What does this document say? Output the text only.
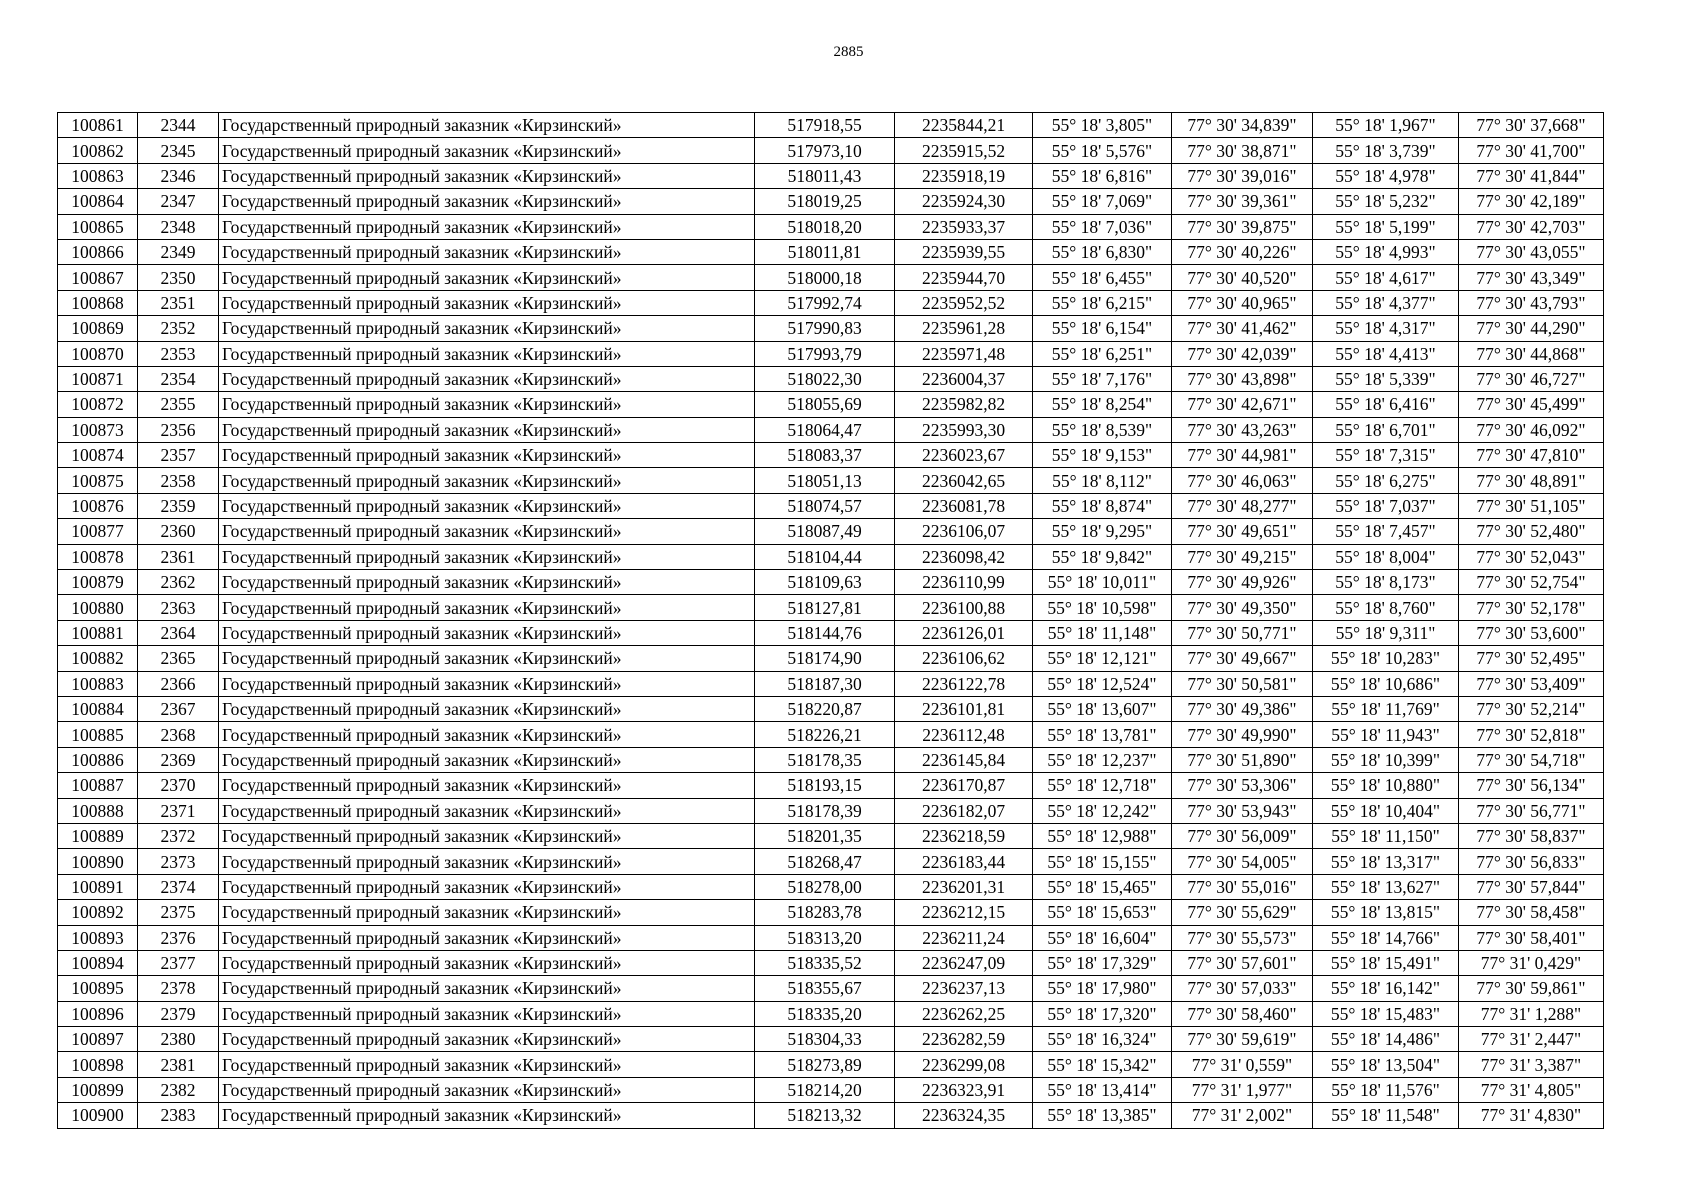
2885
100861	2344	Государственный природный заказник «Кирзинский»	517918,55	2235844,21	55° 18' 3,805"	77° 30' 34,839"	55° 18' 1,967"	77° 30' 37,668"
100862	2345	Государственный природный заказник «Кирзинский»	517973,10	2235915,52	55° 18' 5,576"	77° 30' 38,871"	55° 18' 3,739"	77° 30' 41,700"
100863	2346	Государственный природный заказник «Кирзинский»	518011,43	2235918,19	55° 18' 6,816"	77° 30' 39,016"	55° 18' 4,978"	77° 30' 41,844"
100864	2347	Государственный природный заказник «Кирзинский»	518019,25	2235924,30	55° 18' 7,069"	77° 30' 39,361"	55° 18' 5,232"	77° 30' 42,189"
100865	2348	Государственный природный заказник «Кирзинский»	518018,20	2235933,37	55° 18' 7,036"	77° 30' 39,875"	55° 18' 5,199"	77° 30' 42,703"
100866	2349	Государственный природный заказник «Кирзинский»	518011,81	2235939,55	55° 18' 6,830"	77° 30' 40,226"	55° 18' 4,993"	77° 30' 43,055"
100867	2350	Государственный природный заказник «Кирзинский»	518000,18	2235944,70	55° 18' 6,455"	77° 30' 40,520"	55° 18' 4,617"	77° 30' 43,349"
100868	2351	Государственный природный заказник «Кирзинский»	517992,74	2235952,52	55° 18' 6,215"	77° 30' 40,965"	55° 18' 4,377"	77° 30' 43,793"
100869	2352	Государственный природный заказник «Кирзинский»	517990,83	2235961,28	55° 18' 6,154"	77° 30' 41,462"	55° 18' 4,317"	77° 30' 44,290"
100870	2353	Государственный природный заказник «Кирзинский»	517993,79	2235971,48	55° 18' 6,251"	77° 30' 42,039"	55° 18' 4,413"	77° 30' 44,868"
100871	2354	Государственный природный заказник «Кирзинский»	518022,30	2236004,37	55° 18' 7,176"	77° 30' 43,898"	55° 18' 5,339"	77° 30' 46,727"
100872	2355	Государственный природный заказник «Кирзинский»	518055,69	2235982,82	55° 18' 8,254"	77° 30' 42,671"	55° 18' 6,416"	77° 30' 45,499"
100873	2356	Государственный природный заказник «Кирзинский»	518064,47	2235993,30	55° 18' 8,539"	77° 30' 43,263"	55° 18' 6,701"	77° 30' 46,092"
100874	2357	Государственный природный заказник «Кирзинский»	518083,37	2236023,67	55° 18' 9,153"	77° 30' 44,981"	55° 18' 7,315"	77° 30' 47,810"
100875	2358	Государственный природный заказник «Кирзинский»	518051,13	2236042,65	55° 18' 8,112"	77° 30' 46,063"	55° 18' 6,275"	77° 30' 48,891"
100876	2359	Государственный природный заказник «Кирзинский»	518074,57	2236081,78	55° 18' 8,874"	77° 30' 48,277"	55° 18' 7,037"	77° 30' 51,105"
100877	2360	Государственный природный заказник «Кирзинский»	518087,49	2236106,07	55° 18' 9,295"	77° 30' 49,651"	55° 18' 7,457"	77° 30' 52,480"
100878	2361	Государственный природный заказник «Кирзинский»	518104,44	2236098,42	55° 18' 9,842"	77° 30' 49,215"	55° 18' 8,004"	77° 30' 52,043"
100879	2362	Государственный природный заказник «Кирзинский»	518109,63	2236110,99	55° 18' 10,011"	77° 30' 49,926"	55° 18' 8,173"	77° 30' 52,754"
100880	2363	Государственный природный заказник «Кирзинский»	518127,81	2236100,88	55° 18' 10,598"	77° 30' 49,350"	55° 18' 8,760"	77° 30' 52,178"
100881	2364	Государственный природный заказник «Кирзинский»	518144,76	2236126,01	55° 18' 11,148"	77° 30' 50,771"	55° 18' 9,311"	77° 30' 53,600"
100882	2365	Государственный природный заказник «Кирзинский»	518174,90	2236106,62	55° 18' 12,121"	77° 30' 49,667"	55° 18' 10,283"	77° 30' 52,495"
100883	2366	Государственный природный заказник «Кирзинский»	518187,30	2236122,78	55° 18' 12,524"	77° 30' 50,581"	55° 18' 10,686"	77° 30' 53,409"
100884	2367	Государственный природный заказник «Кирзинский»	518220,87	2236101,81	55° 18' 13,607"	77° 30' 49,386"	55° 18' 11,769"	77° 30' 52,214"
100885	2368	Государственный природный заказник «Кирзинский»	518226,21	2236112,48	55° 18' 13,781"	77° 30' 49,990"	55° 18' 11,943"	77° 30' 52,818"
100886	2369	Государственный природный заказник «Кирзинский»	518178,35	2236145,84	55° 18' 12,237"	77° 30' 51,890"	55° 18' 10,399"	77° 30' 54,718"
100887	2370	Государственный природный заказник «Кирзинский»	518193,15	2236170,87	55° 18' 12,718"	77° 30' 53,306"	55° 18' 10,880"	77° 30' 56,134"
100888	2371	Государственный природный заказник «Кирзинский»	518178,39	2236182,07	55° 18' 12,242"	77° 30' 53,943"	55° 18' 10,404"	77° 30' 56,771"
100889	2372	Государственный природный заказник «Кирзинский»	518201,35	2236218,59	55° 18' 12,988"	77° 30' 56,009"	55° 18' 11,150"	77° 30' 58,837"
100890	2373	Государственный природный заказник «Кирзинский»	518268,47	2236183,44	55° 18' 15,155"	77° 30' 54,005"	55° 18' 13,317"	77° 30' 56,833"
100891	2374	Государственный природный заказник «Кирзинский»	518278,00	2236201,31	55° 18' 15,465"	77° 30' 55,016"	55° 18' 13,627"	77° 30' 57,844"
100892	2375	Государственный природный заказник «Кирзинский»	518283,78	2236212,15	55° 18' 15,653"	77° 30' 55,629"	55° 18' 13,815"	77° 30' 58,458"
100893	2376	Государственный природный заказник «Кирзинский»	518313,20	2236211,24	55° 18' 16,604"	77° 30' 55,573"	55° 18' 14,766"	77° 30' 58,401"
100894	2377	Государственный природный заказник «Кирзинский»	518335,52	2236247,09	55° 18' 17,329"	77° 30' 57,601"	55° 18' 15,491"	77° 31' 0,429"
100895	2378	Государственный природный заказник «Кирзинский»	518355,67	2236237,13	55° 18' 17,980"	77° 30' 57,033"	55° 18' 16,142"	77° 30' 59,861"
100896	2379	Государственный природный заказник «Кирзинский»	518335,20	2236262,25	55° 18' 17,320"	77° 30' 58,460"	55° 18' 15,483"	77° 31' 1,288"
100897	2380	Государственный природный заказник «Кирзинский»	518304,33	2236282,59	55° 18' 16,324"	77° 30' 59,619"	55° 18' 14,486"	77° 31' 2,447"
100898	2381	Государственный природный заказник «Кирзинский»	518273,89	2236299,08	55° 18' 15,342"	77° 31' 0,559"	55° 18' 13,504"	77° 31' 3,387"
100899	2382	Государственный природный заказник «Кирзинский»	518214,20	2236323,91	55° 18' 13,414"	77° 31' 1,977"	55° 18' 11,576"	77° 31' 4,805"
100900	2383	Государственный природный заказник «Кирзинский»	518213,32	2236324,35	55° 18' 13,385"	77° 31' 2,002"	55° 18' 11,548"	77° 31' 4,830"
